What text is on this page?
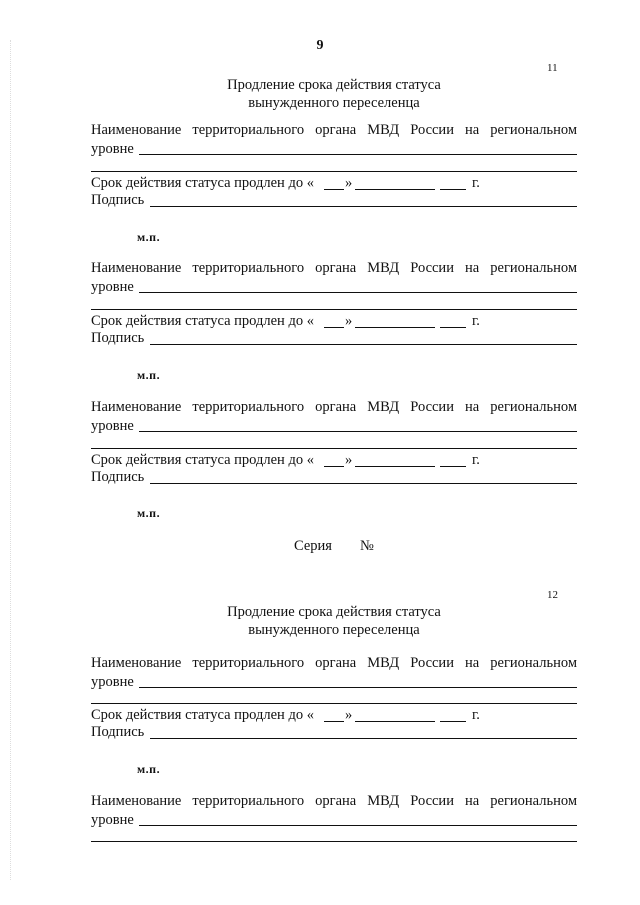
9
11
Продление срока действия статуса
вынужденного переселенца
Наименование территориального органа МВД России на региональном
уровне
Срок действия статуса продлен до « »	г.
Подпись
м.п.
Наименование территориального органа МВД России на региональном
уровне
Срок действия статуса продлен до « »	г.
Подпись
м.п.
Наименование территориального органа МВД России на региональном
уровне
Срок действия статуса продлен до « »	г.
Подпись
м.п.
Серия №
12
Продление срока действия статуса
вынужденного переселенца
Наименование территориального органа МВД России на региональном
уровне
Срок действия статуса продлен до « »	г.
Подпись
м.п.
Наименование территориального органа МВД России на региональном
уровне
